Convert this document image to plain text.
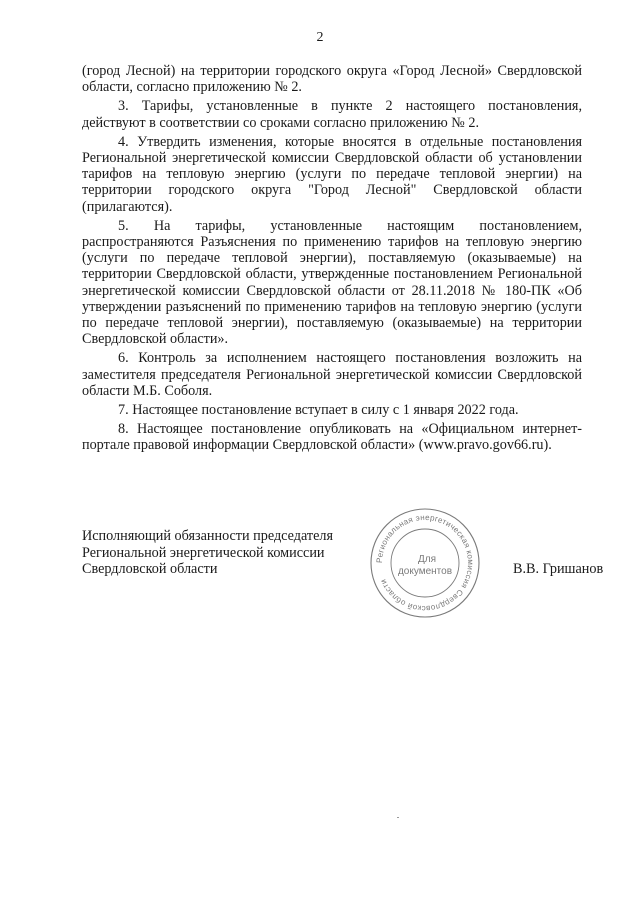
2

(город Лесной) на территории городского округа «Город Лесной» Свердловской области, согласно приложению № 2.

3. Тарифы, установленные в пункте 2 настоящего постановления, действуют в соответствии со сроками согласно приложению № 2.

4. Утвердить изменения, которые вносятся в отдельные постановления Региональной энергетической комиссии Свердловской области об установлении тарифов на тепловую энергию (услуги по передаче тепловой энергии) на территории городского округа "Город Лесной" Свердловской области (прилагаются).

5. На тарифы, установленные настоящим постановлением, распространяются Разъяснения по применению тарифов на тепловую энергию (услуги по передаче тепловой энергии), поставляемую (оказываемые) на территории Свердловской области, утвержденные постановлением Региональной энергетической комиссии Свердловской области от 28.11.2018 № 180-ПК «Об утверждении разъяснений по применению тарифов на тепловую энергию (услуги по передаче тепловой энергии), поставляемую (оказываемые) на территории Свердловской области».

6. Контроль за исполнением настоящего постановления возложить на заместителя председателя Региональной энергетической комиссии Свердловской области М.Б. Соболя.

7. Настоящее постановление вступает в силу с 1 января 2022 года.

8. Настоящее постановление опубликовать на «Официальном интернет-портале правовой информации Свердловской области» (www.pravo.gov66.ru).

Исполняющий обязанности председателя
Региональной энергетической комиссии
Свердловской области	В.В. Гришанов
Региональная энергетическая комиссия Свердловской области
Для
документов
